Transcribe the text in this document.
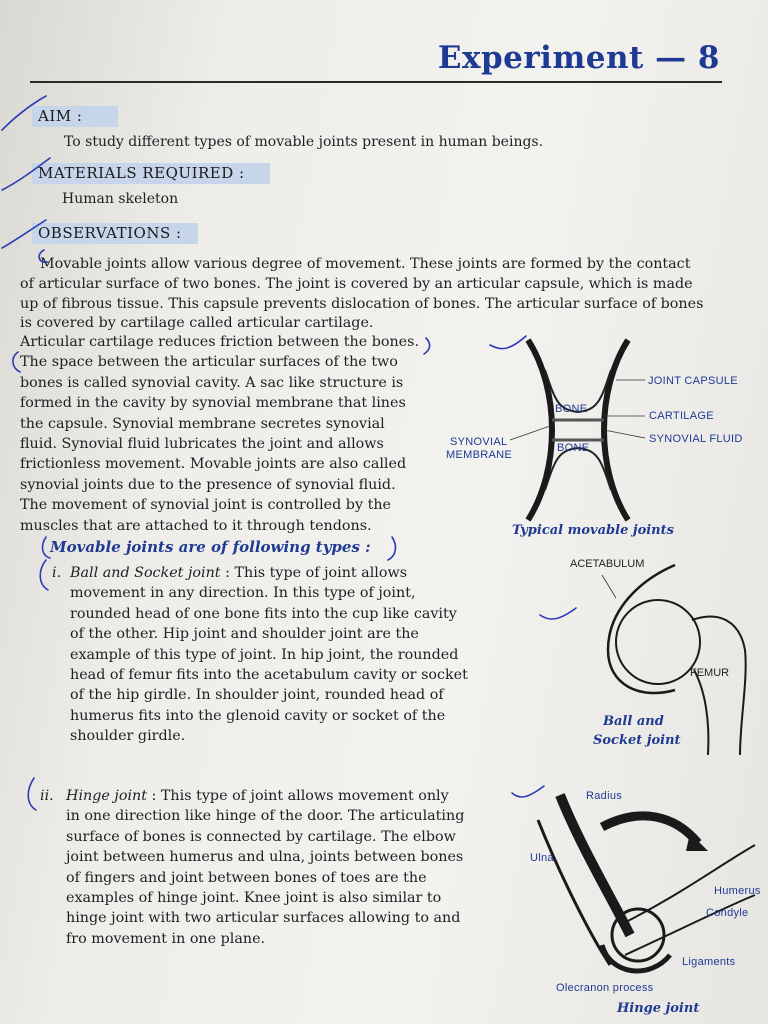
Experiment — 8
AIM :
To study different types of movable joints present in human beings.
MATERIALS REQUIRED :
Human skeleton
OBSERVATIONS :
Movable joints allow various degree of movement. These joints are formed by the contact
of articular surface of two bones. The joint is covered by an articular capsule, which is made
up of fibrous tissue. This capsule prevents dislocation of bones. The articular surface of bones
is covered by cartilage called articular cartilage.
Articular cartilage reduces friction between the bones.
The space between the articular surfaces of the two
bones is called synovial cavity. A sac like structure is
formed in the cavity by synovial membrane that lines
the capsule. Synovial membrane secretes synovial
fluid. Synovial fluid lubricates the joint and allows
frictionless movement. Movable joints are also called
synovial joints due to the presence of synovial fluid.
The movement of synovial joint is controlled by the
muscles that are attached to it through tendons.
Movable joints are of following types :
i. Ball and Socket joint : This type of joint allows
movement in any direction. In this type of joint,
rounded head of one bone fits into the cup like cavity
of the other. Hip joint and shoulder joint are the
example of this type of joint. In hip joint, the rounded
head of femur fits into the acetabulum cavity or socket
of the hip girdle. In shoulder joint, rounded head of
humerus fits into the glenoid cavity or socket of the
shoulder girdle.
ii. Hinge joint : This type of joint allows movement only
in one direction like hinge of the door. The articulating
surface of bones is connected by cartilage. The elbow
joint between humerus and ulna, joints between bones
of fingers and joint between bones of toes are the
examples of hinge joint. Knee joint is also similar to
hinge joint with two articular surfaces allowing to and
fro movement in one plane.
JOINT CAPSULE
BONE
CARTILAGE
SYNOVIAL FLUID
SYNOVIAL
MEMBRANE
BONE
Typical movable joints
ACETABULUM
FEMUR
Ball and
Socket joint
Radius
Ulna
Humerus
Condyle
Ligaments
Olecranon process
Hinge joint
